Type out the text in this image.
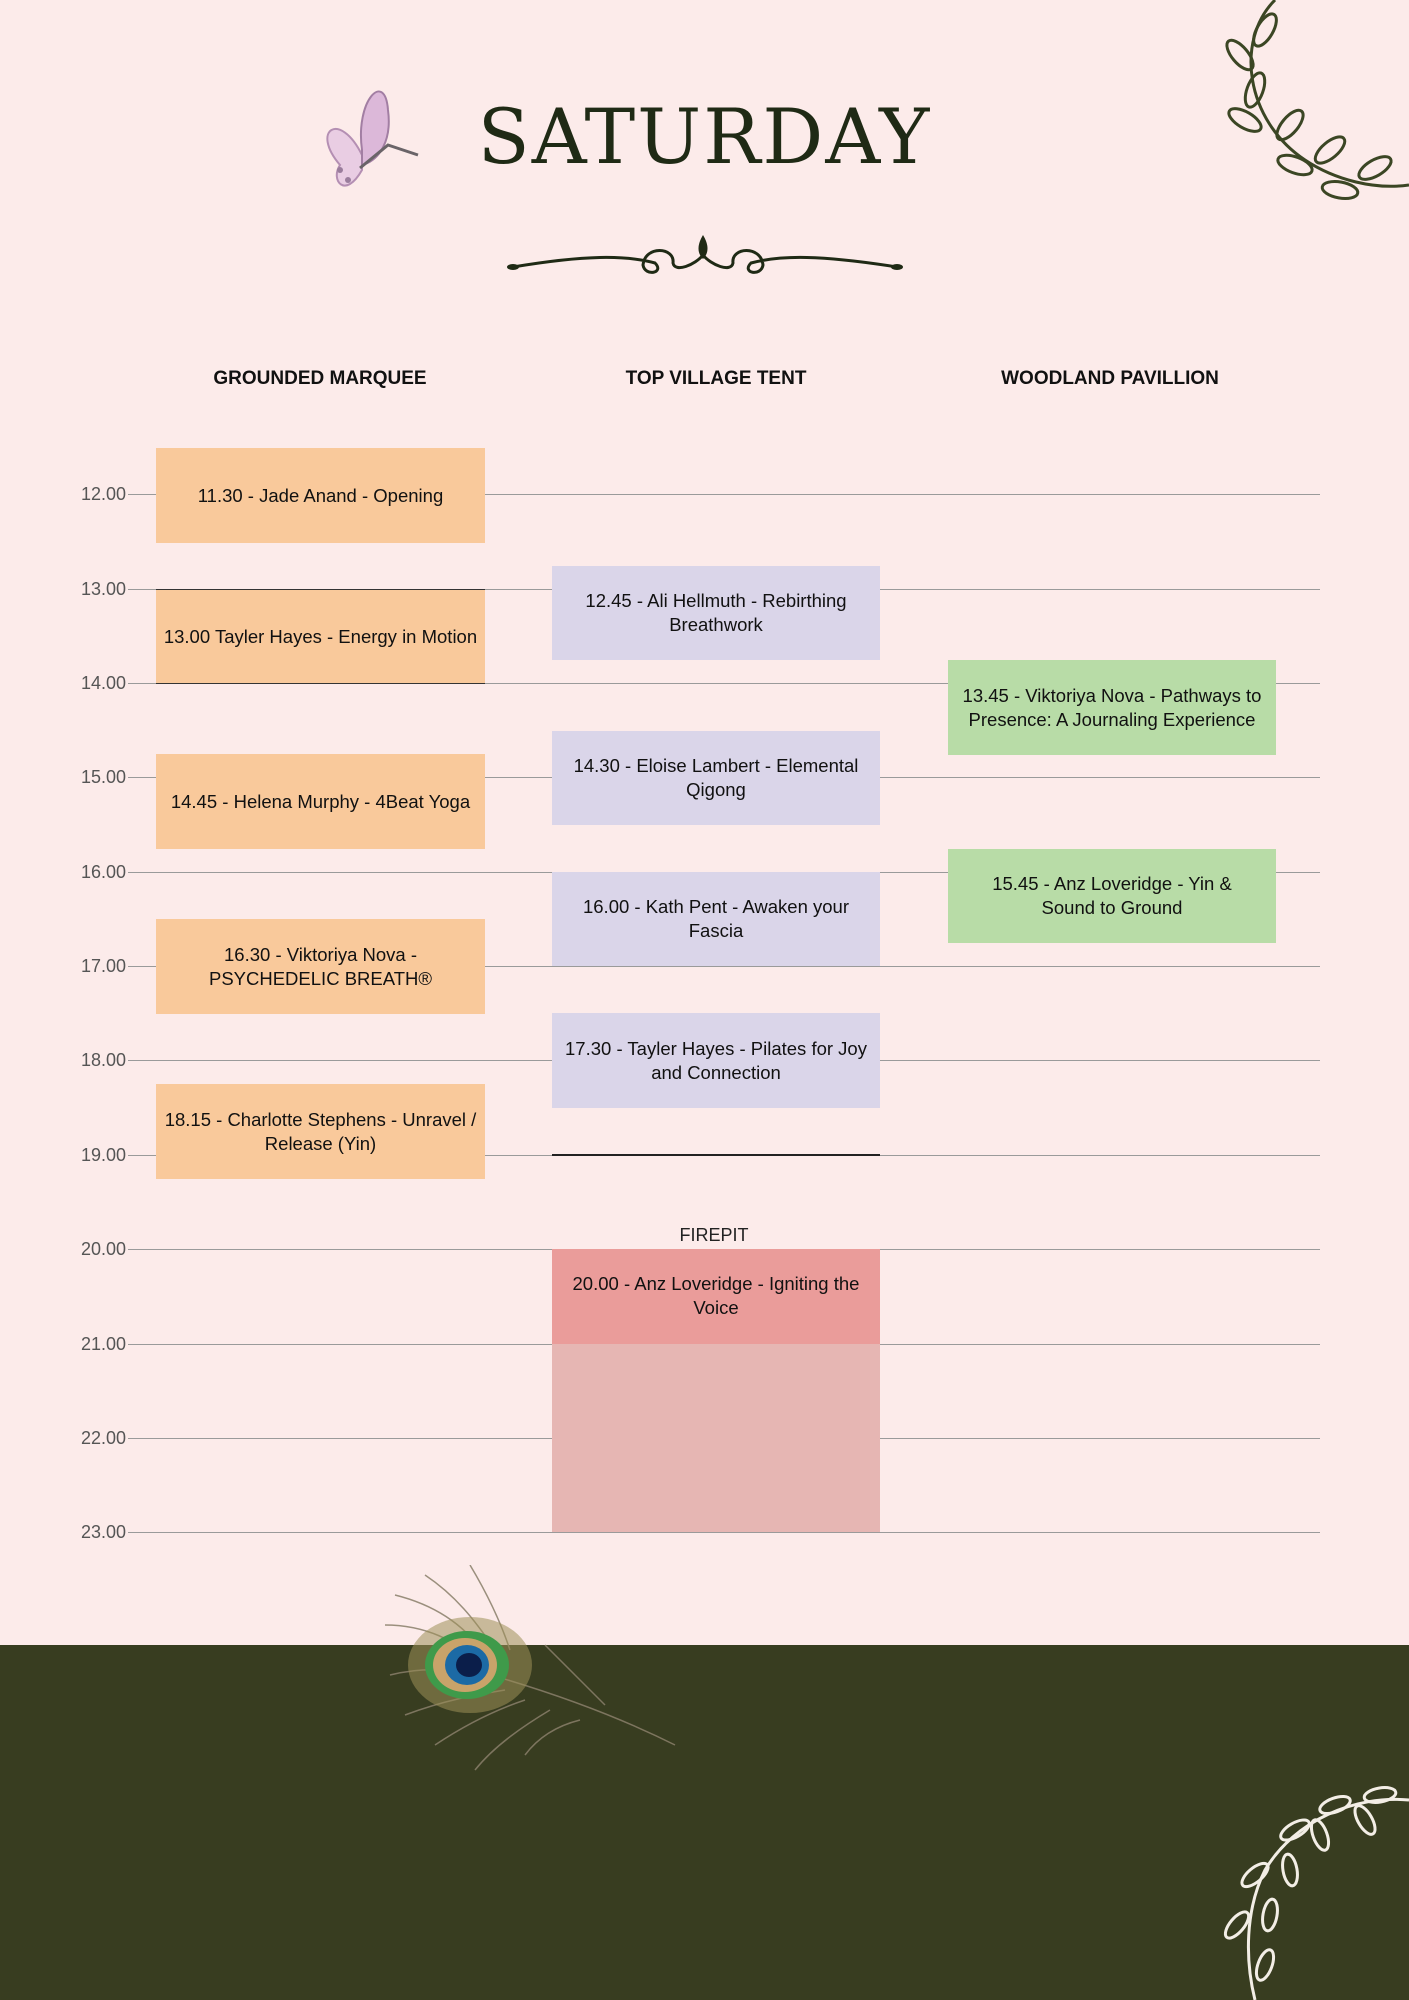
SATURDAY
GROUNDED MARQUEE	TOP VILLAGE TENT	WOODLAND PAVILLION
12.00
13.00
14.00
15.00
16.00
17.00
18.00
19.00
20.00
21.00
22.00
23.00
11.30 - Jade Anand - Opening
13.00 Tayler Hayes - Energy in Motion
14.45 - Helena Murphy - 4Beat Yoga
16.30 - Viktoriya Nova - PSYCHEDELIC BREATH®
18.15 - Charlotte Stephens - Unravel / Release (Yin)
12.45 - Ali Hellmuth - Rebirthing Breathwork
14.30 - Eloise Lambert - Elemental Qigong
16.00 - Kath Pent - Awaken your Fascia
17.30 - Tayler Hayes - Pilates for Joy and Connection
13.45 - Viktoriya Nova - Pathways to Presence: A Journaling Experience
15.45 - Anz Loveridge - Yin & Sound to Ground
FIREPIT
20.00 - Anz Loveridge - Igniting the Voice
